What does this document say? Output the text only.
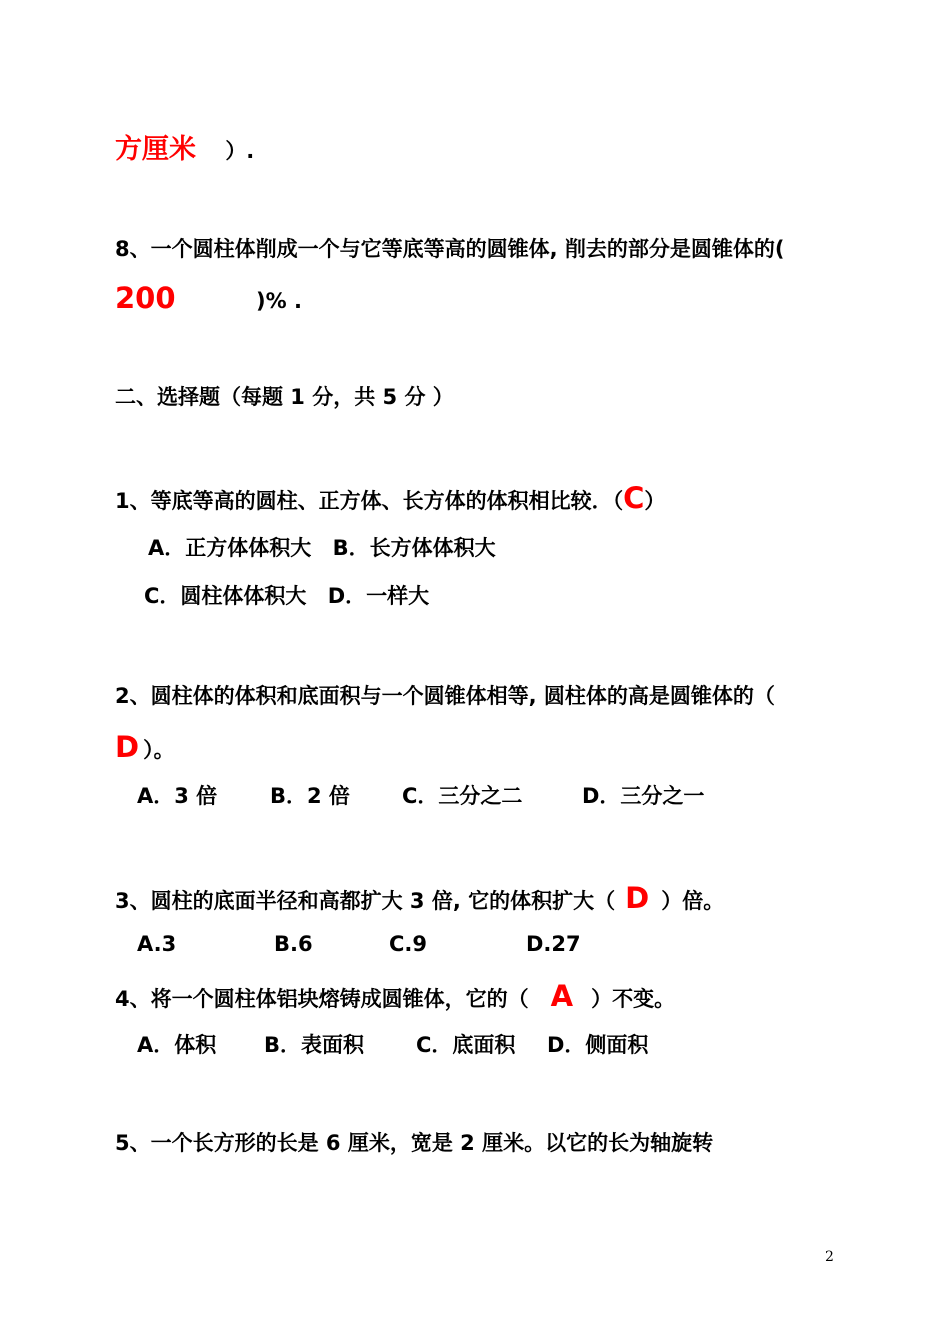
方厘米 ）.
8、一个圆柱体削成一个与它等底等高的圆锥体, 削去的部分是圆锥体的(
200	)% .
二、选择题（每题 1 分，共 5 分 ）
1、等底等高的圆柱、正方体、长方体的体积相比较．（C）
A．正方体体积大 B．长方体体积大
C．圆柱体体积大 D．一样大
2、圆柱体的体积和底面积与一个圆锥体相等, 圆柱体的高是圆锥体的（
D ）。
A．3 倍	B．2 倍 C．三分之二	D．三分之一
3、圆柱的底面半径和高都扩大 3 倍, 它的体积扩大（ D ）倍。
A.3	B.6	C.9	D.27
4、将一个圆柱体铝块熔铸成圆锥体，它的（ A ）不变。
A．体积 B．表面积 C．底面积 D．侧面积
5、一个长方形的长是 6 厘米，宽是 2 厘米。以它的长为轴旋转
2
